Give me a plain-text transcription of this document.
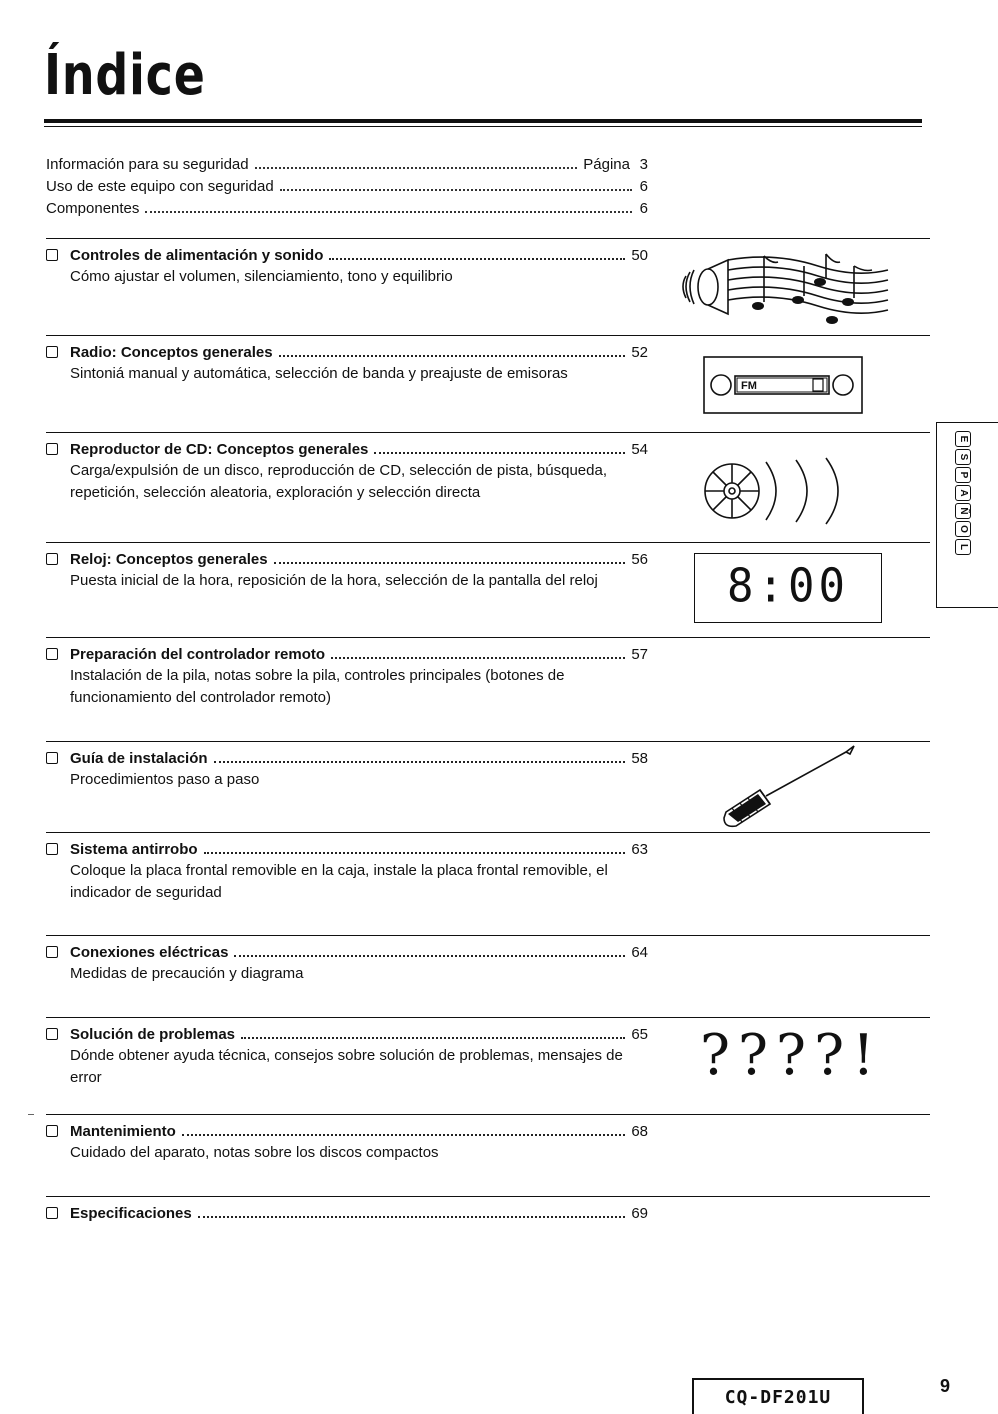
Índice
Información para su seguridad	Página 3
Uso de este equipo con seguridad	6
Componentes	6
Controles de alimentación y sonido	50
Cómo ajustar el volumen, silenciamiento, tono y equilibrio
Radio: Conceptos generales	52
Sintoniá manual y automática, selección de banda y preajuste de emisoras
Reproductor de CD: Conceptos generales	54
Carga/expulsión de un disco, reproducción de CD, selección de pista, búsqueda, repetición, selección aleatoria, exploración y selección directa
Reloj: Conceptos generales	56
Puesta inicial de la hora, reposición de la hora, selección de la pantalla del reloj
Preparación del controlador remoto	57
Instalación de la pila, notas sobre la pila, controles principales (botones de funcionamiento del controlador remoto)
Guía de instalación	58
Procedimientos paso a paso
Sistema antirrobo	63
Coloque la placa frontal removible en la caja, instale la placa frontal removible, el indicador de seguridad
Conexiones eléctricas	64
Medidas de precaución y diagrama
Solución de problemas	65
Dónde obtener ayuda técnica, consejos sobre solución de problemas, mensajes de error
Mantenimiento	68
Cuidado del aparato, notas sobre los discos compactos
Especificaciones	69
FM
8:00
????!
E
S
P
A
Ñ
O
L
CQ-DF201U
9
